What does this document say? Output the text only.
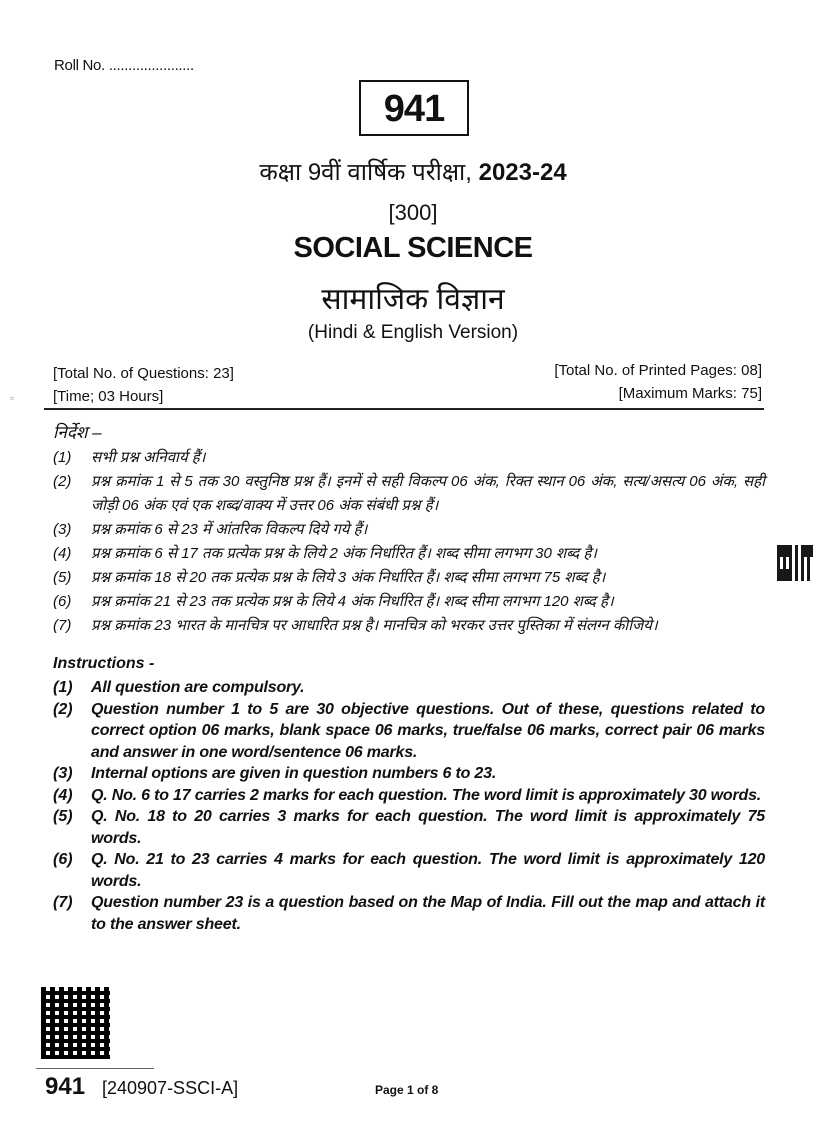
Roll No. ......................
941
कक्षा 9वीं वार्षिक परीक्षा, 2023-24
[300]
SOCIAL SCIENCE
सामाजिक विज्ञान
(Hindi & English Version)
[Total No. of Questions: 23]	[Total No. of Printed Pages: 08]
[Time; 03 Hours]	[Maximum Marks: 75]
≈
निर्देश –
(1)	सभी प्रश्न अनिवार्य हैं।
(2)	प्रश्न क्रमांक 1 से 5 तक 30 वस्तुनिष्ठ प्रश्न हैं। इनमें से सही विकल्प 06 अंक, रिक्त स्थान 06 अंक, सत्य/असत्य 06 अंक, सही जोड़ी 06 अंक एवं एक शब्द/वाक्य में उत्तर 06 अंक संबंधी प्रश्न हैं।
(3)	प्रश्न क्रमांक 6 से 23 में आंतरिक विकल्प दिये गये हैं।
(4)	प्रश्न क्रमांक 6 से 17 तक प्रत्येक प्रश्न के लिये 2 अंक निर्धारित हैं। शब्द सीमा लगभग 30 शब्द है।
(5)	प्रश्न क्रमांक 18 से 20 तक प्रत्येक प्रश्न के लिये 3 अंक निर्धारित हैं। शब्द सीमा लगभग 75 शब्द है।
(6)	प्रश्न क्रमांक 21 से 23 तक प्रत्येक प्रश्न के लिये 4 अंक निर्धारित हैं। शब्द सीमा लगभग 120 शब्द है।
(7)	प्रश्न क्रमांक 23 भारत के मानचित्र पर आधारित प्रश्न है। मानचित्र को भरकर उत्तर पुस्तिका में संलग्न कीजिये।
Instructions -
(1)	All question are compulsory.
(2)	Question number 1 to 5 are 30 objective questions. Out of these, questions related to correct option 06 marks, blank space 06 marks, true/false 06 marks, correct pair 06 marks and answer in one word/sentence 06 marks.
(3)	Internal options are given in question numbers 6 to 23.
(4)	Q. No. 6 to 17 carries 2 marks for each question. The word limit is approximately 30 words.
(5)	Q. No. 18 to 20 carries 3 marks for each question. The word limit is approximately 75 words.
(6)	Q. No. 21 to 23 carries 4 marks for each question. The word limit is approximately 120 words.
(7)	Question number 23 is a question based on the Map of India. Fill out the map and attach it to the answer sheet.
941 [240907-SSCI-A]	Page 1 of 8
